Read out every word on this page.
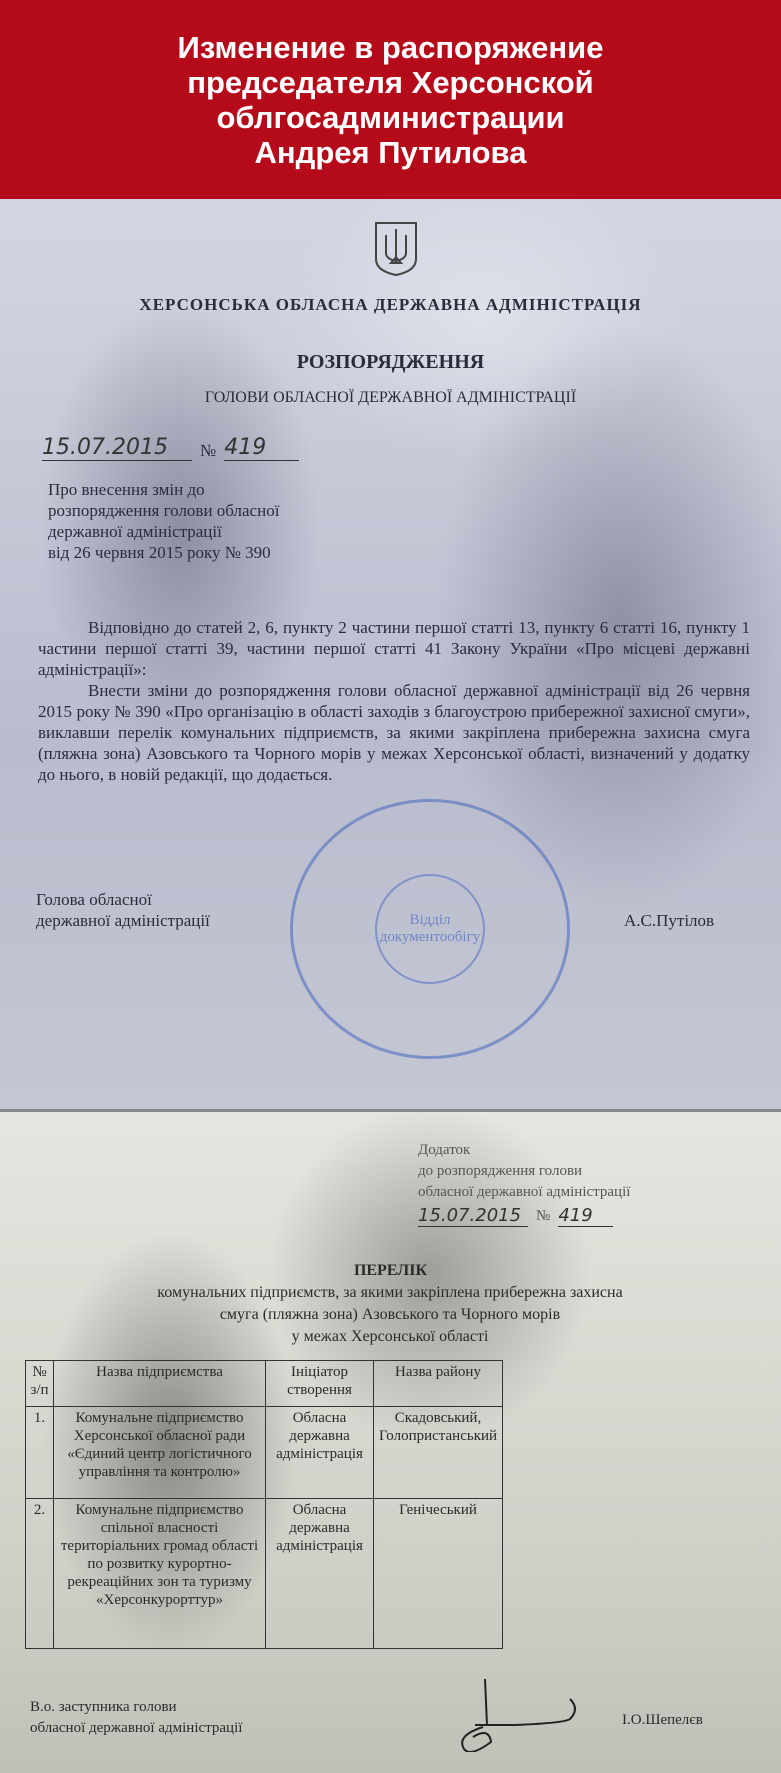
Изменение в распоряжение
председателя Херсонской
облгосадминистрации
Андрея Путилова
ХЕРСОНСЬКА ОБЛАСНА ДЕРЖАВНА АДМІНІСТРАЦІЯ
РОЗПОРЯДЖЕННЯ
ГОЛОВИ ОБЛАСНОЇ ДЕРЖАВНОЇ АДМІНІСТРАЦІЇ
15.07.2015	№ 419
Про внесення змін до
розпорядження голови обласної
державної адміністрації
від 26 червня 2015 року № 390
Відповідно до статей 2, 6, пункту 2 частини першої статті 13, пункту 6 статті 16, пункту 1 частини першої статті 39, частини першої статті 41 Закону України «Про місцеві державні адміністрації»:
Внести зміни до розпорядження голови обласної державної адміністрації від 26 червня 2015 року № 390 «Про організацію в області заходів з благоустрою прибережної захисної смуги», виклавши перелік комунальних підприємств, за якими закріплена прибережна захисна смуга (пляжна зона) Азовського та Чорного морів у межах Херсонської області, визначений у додатку до нього, в новій редакції, що додається.
Відділ
документообігу
Голова обласної
державної адміністрації	А.С.Путілов
Додаток
до розпорядження голови
обласної державної адміністрації
15.07.2015 № 419
ПЕРЕЛІК
комунальних підприємств, за якими закріплена прибережна захисна
смуга (пляжна зона) Азовського та Чорного морів
у межах Херсонської області
№ з/п	Назва підприємства	Ініціатор створення	Назва району
1.	Комунальне підприємство Херсонської обласної ради «Єдиний центр логістичного управління та контролю»	Обласна державна адміністрація	Скадовський, Голопристанський
2.	Комунальне підприємство спільної власності територіальних громад області по розвитку курортно-рекреаційних зон та туризму «Херсонкурорттур»	Обласна державна адміністрація	Генічеський
В.о. заступника голови
обласної державної адміністрації	І.О.Шепелєв
